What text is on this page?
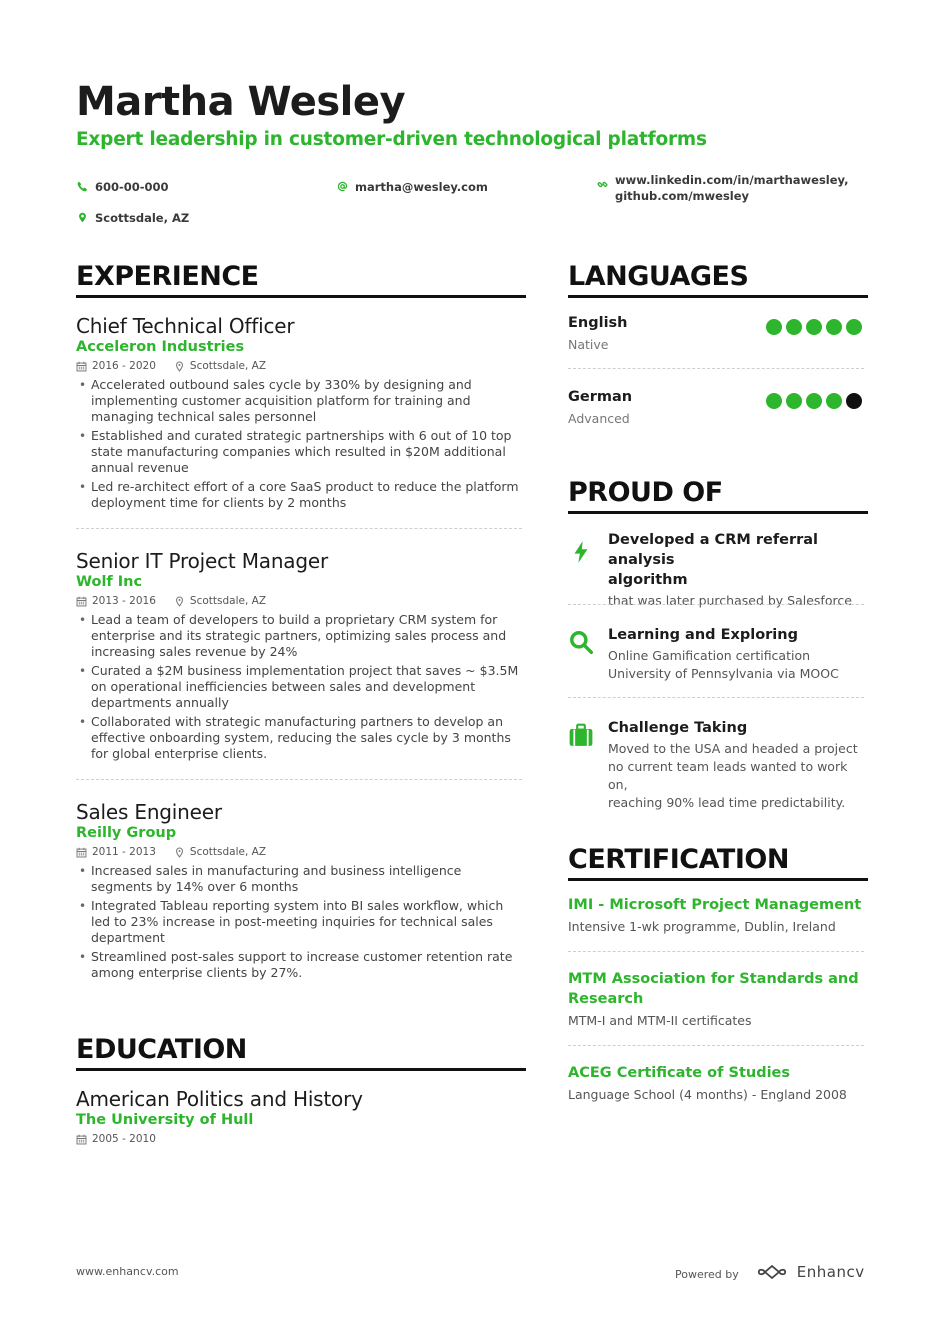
Martha Wesley
Expert leadership in customer-driven technological platforms
600-00-000	martha@wesley.com	www.linkedin.com/in/marthawesley,
github.com/mwesley
Scottsdale, AZ
EXPERIENCE
Chief Technical Officer
Acceleron Industries
2016 - 2020	Scottsdale, AZ
• Accelerated outbound sales cycle by 330% by designing and implementing customer acquisition platform for training and managing technical sales personnel
• Established and curated strategic partnerships with 6 out of 10 top state manufacturing companies which resulted in $20M additional annual revenue
• Led re-architect effort of a core SaaS product to reduce the platform deployment time for clients by 2 months
Senior IT Project Manager
Wolf Inc
2013 - 2016	Scottsdale, AZ
• Lead a team of developers to build a proprietary CRM system for enterprise and its strategic partners, optimizing sales process and increasing sales revenue by 24%
• Curated a $2M business implementation project that saves ~ $3.5M on operational inefficiencies between sales and development departments annually
• Collaborated with strategic manufacturing partners to develop an effective onboarding system, reducing the sales cycle by 3 months for global enterprise clients.
Sales Engineer
Reilly Group
2011 - 2013	Scottsdale, AZ
• Increased sales in manufacturing and business intelligence segments by 14% over 6 months
• Integrated Tableau reporting system into BI sales workflow, which led to 23% increase in post-meeting inquiries for technical sales department
• Streamlined post-sales support to increase customer retention rate among enterprise clients by 27%.
EDUCATION
American Politics and History
The University of Hull
2005 - 2010
LANGUAGES
English
Native
German
Advanced
PROUD OF
Developed a CRM referral analysis
algorithm
that was later purchased by Salesforce
Learning and Exploring
Online Gamification certification
University of Pennsylvania via MOOC
Challenge Taking
Moved to the USA and headed a project
no current team leads wanted to work on,
reaching 90% lead time predictability.
CERTIFICATION
IMI - Microsoft Project Management
Intensive 1-wk programme, Dublin, Ireland
MTM Association for Standards and
Research
MTM-I and MTM-II certificates
ACEG Certificate of Studies
Language School (4 months) - England 2008
www.enhancv.com	Powered by	Enhancv
